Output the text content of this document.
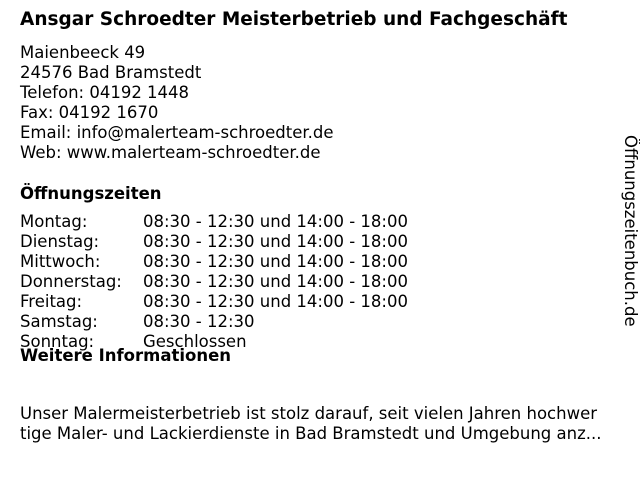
Ansgar Schroedter Meisterbetrieb und Fachgeschäft
Maienbeeck 49
24576 Bad Bramstedt
Telefon: 04192 1448
Fax: 04192 1670
Email: info@malerteam-schroedter.de
Web: www.malerteam-schroedter.de
Öffnungszeiten
Montag:	08:30 - 12:30 und 14:00 - 18:00
Dienstag:	08:30 - 12:30 und 14:00 - 18:00
Mittwoch:	08:30 - 12:30 und 14:00 - 18:00
Donnerstag:	08:30 - 12:30 und 14:00 - 18:00
Freitag:	08:30 - 12:30 und 14:00 - 18:00
Samstag:	08:30 - 12:30
Sonntag:	Geschlossen
Weitere Informationen
Unser Malermeisterbetrieb ist stolz darauf, seit vielen Jahren hochwer
tige Maler- und Lackierdienste in Bad Bramstedt und Umgebung anz...
Öffnungszeitenbuch.de
